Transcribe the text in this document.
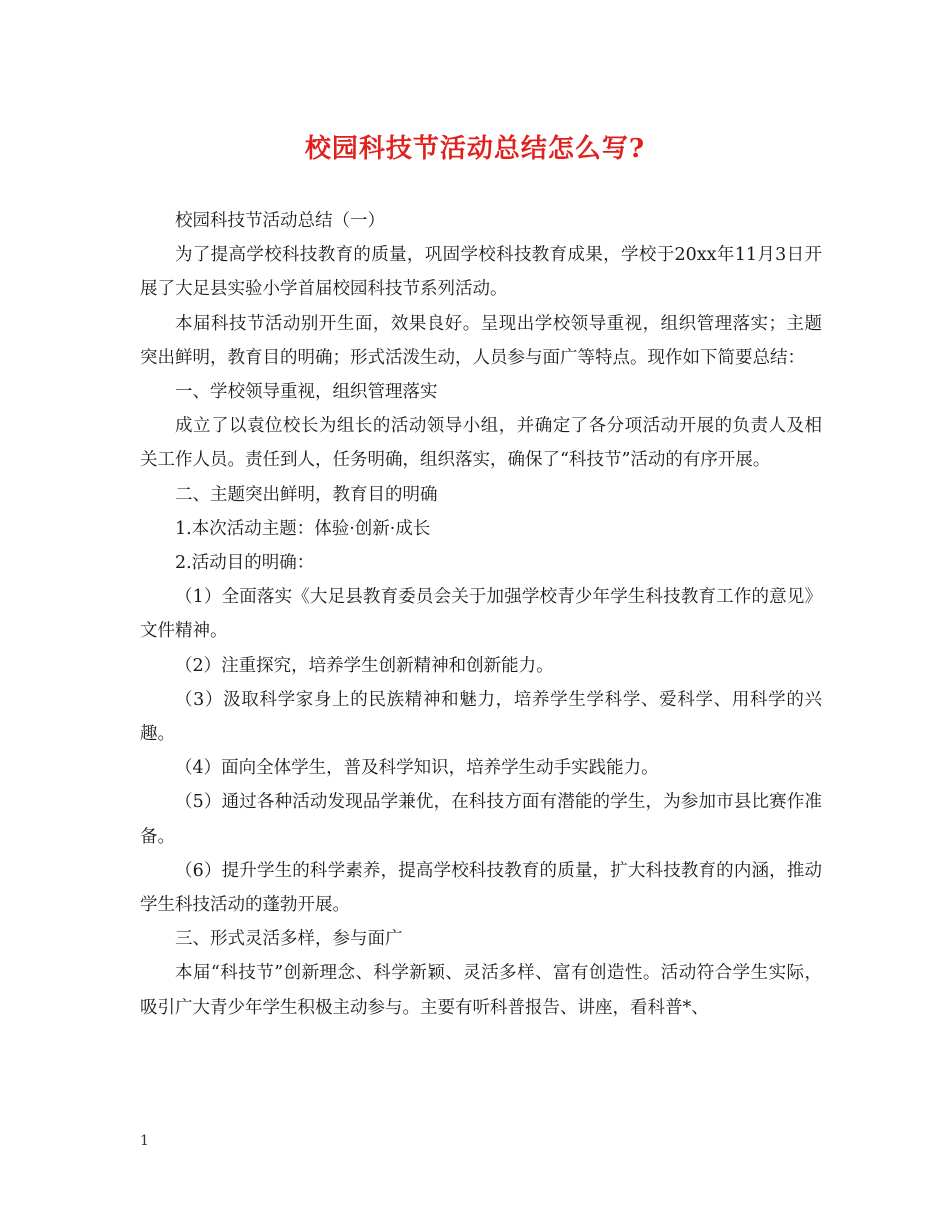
校园科技节活动总结怎么写?

校园科技节活动总结（一）

为了提高学校科技教育的质量，巩固学校科技教育成果，学校于20xx年11月3日开展了大足县实验小学首届校园科技节系列活动。

本届科技节活动别开生面，效果良好。呈现出学校领导重视，组织管理落实；主题突出鲜明，教育目的明确；形式活泼生动，人员参与面广等特点。现作如下简要总结：

一、学校领导重视，组织管理落实

成立了以袁位校长为组长的活动领导小组，并确定了各分项活动开展的负责人及相关工作人员。责任到人，任务明确，组织落实，确保了“科技节”活动的有序开展。

二、主题突出鲜明，教育目的明确

1.本次活动主题：体验·创新·成长

2.活动目的明确：

（1）全面落实《大足县教育委员会关于加强学校青少年学生科技教育工作的意见》文件精神。

（2）注重探究，培养学生创新精神和创新能力。

（3）汲取科学家身上的民族精神和魅力，培养学生学科学、爱科学、用科学的兴趣。

（4）面向全体学生，普及科学知识，培养学生动手实践能力。

（5）通过各种活动发现品学兼优，在科技方面有潜能的学生，为参加市县比赛作准备。

（6）提升学生的科学素养，提高学校科技教育的质量，扩大科技教育的内涵，推动学生科技活动的蓬勃开展。

三、形式灵活多样，参与面广

本届“科技节”创新理念、科学新颖、灵活多样、富有创造性。活动符合学生实际，吸引广大青少年学生积极主动参与。主要有听科普报告、讲座，看科普*、

1
